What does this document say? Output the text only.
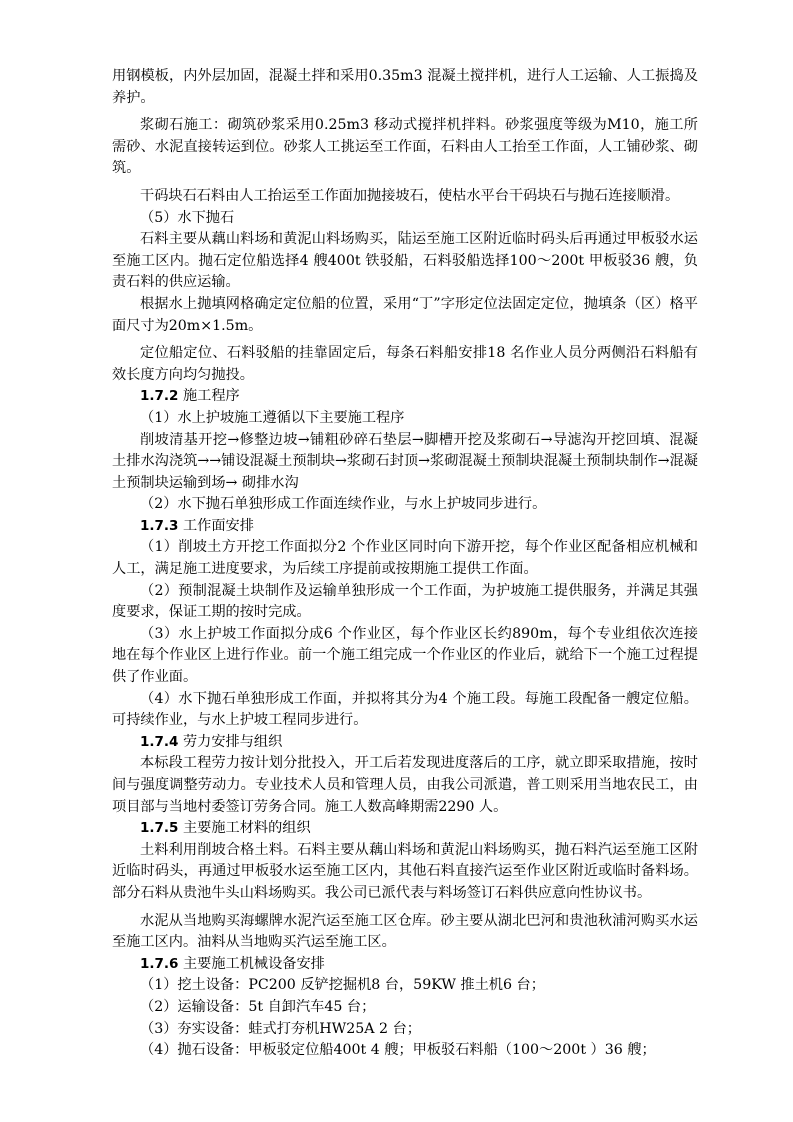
用钢模板，内外层加固，混凝土拌和采用0.35m3 混凝土搅拌机，进行人工运输、人工振捣及养护。

浆砌石施工：砌筑砂浆采用0.25m3 移动式搅拌机拌料。砂浆强度等级为M10，施工所需砂、水泥直接转运到位。砂浆人工挑运至工作面，石料由人工抬至工作面，人工铺砂浆、砌筑。

干码块石石料由人工抬运至工作面加抛接坡石，使枯水平台干码块石与抛石连接顺滑。

（5）水下抛石

石料主要从藕山料场和黄泥山料场购买，陆运至施工区附近临时码头后再通过甲板驳水运至施工区内。抛石定位船选择4 艘400t 铁驳船，石料驳船选择100～200t 甲板驳36 艘，负责石料的供应运输。

根据水上抛填网格确定定位船的位置，采用“丁”字形定位法固定定位，抛填条（区）格平面尺寸为20m×1.5m。

定位船定位、石料驳船的挂靠固定后，每条石料船安排18 名作业人员分两侧沿石料船有效长度方向均匀抛投。

1.7.2 施工程序

（1）水上护坡施工遵循以下主要施工程序

削坡清基开挖→修整边坡→铺粗砂碎石垫层→脚槽开挖及浆砌石→导滤沟开挖回填、混凝土排水沟浇筑→→铺设混凝土预制块→浆砌石封顶→浆砌混凝土预制块混凝土预制块制作→混凝土预制块运输到场→ 砌排水沟

（2）水下抛石单独形成工作面连续作业，与水上护坡同步进行。

1.7.3 工作面安排

（1）削坡土方开挖工作面拟分2 个作业区同时向下游开挖，每个作业区配备相应机械和人工，满足施工进度要求，为后续工序提前或按期施工提供工作面。

（2）预制混凝土块制作及运输单独形成一个工作面，为护坡施工提供服务，并满足其强度要求，保证工期的按时完成。

（3）水上护坡工作面拟分成6 个作业区，每个作业区长约890m，每个专业组依次连接地在每个作业区上进行作业。前一个施工组完成一个作业区的作业后，就给下一个施工过程提供了作业面。

（4）水下抛石单独形成工作面，并拟将其分为4 个施工段。每施工段配备一艘定位船。可持续作业，与水上护坡工程同步进行。

1.7.4 劳力安排与组织

本标段工程劳力按计划分批投入，开工后若发现进度落后的工序，就立即采取措施，按时间与强度调整劳动力。专业技术人员和管理人员，由我公司派遣，普工则采用当地农民工，由项目部与当地村委签订劳务合同。施工人数高峰期需2290 人。

1.7.5 主要施工材料的组织

土料利用削坡合格土料。石料主要从藕山料场和黄泥山料场购买，抛石料汽运至施工区附近临时码头，再通过甲板驳水运至施工区内，其他石料直接汽运至作业区附近或临时备料场。部分石料从贵池牛头山料场购买。我公司已派代表与料场签订石料供应意向性协议书。

水泥从当地购买海螺牌水泥汽运至施工区仓库。砂主要从湖北巴河和贵池秋浦河购买水运至施工区内。油料从当地购买汽运至施工区。

1.7.6 主要施工机械设备安排

（1）挖土设备：PC200 反铲挖掘机8 台，59KW 推土机6 台；

（2）运输设备：5t 自卸汽车45 台；

（3）夯实设备：蛙式打夯机HW25A 2 台；

（4）抛石设备：甲板驳定位船400t 4 艘；甲板驳石料船（100～200t ）36 艘；
